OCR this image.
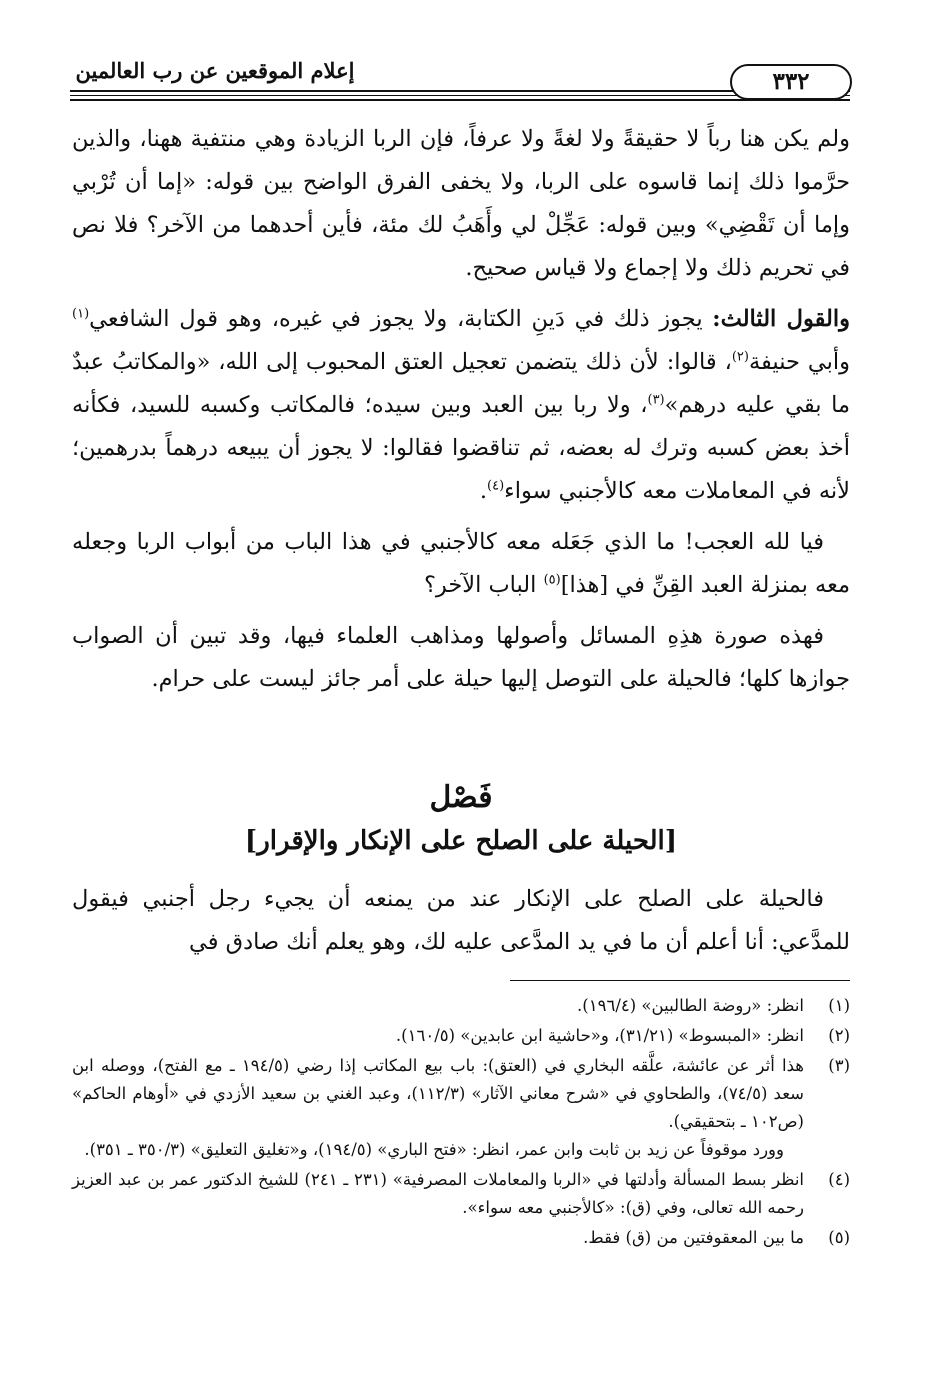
إعلام الموقعين عن رب العالمين	٣٣٢

ولم يكن هنا رباً لا حقيقةً ولا لغةً ولا عرفاً، فإن الربا الزيادة وهي منتفية ههنا، والذين حرَّموا ذلك إنما قاسوه على الربا، ولا يخفى الفرق الواضح بين قوله: «إما أن تُرْبي وإما أن تَقْضِي» وبين قوله: عَجِّلْ لي وأَهَبُ لك مئة، فأين أحدهما من الآخر؟ فلا نص في تحريم ذلك ولا إجماع ولا قياس صحيح.

والقول الثالث: يجوز ذلك في دَينِ الكتابة، ولا يجوز في غيره، وهو قول الشافعي$^{(١)}$ وأبي حنيفة$^{(٢)}$، قالوا: لأن ذلك يتضمن تعجيل العتق المحبوب إلى الله، «والمكاتبُ عبدٌ ما بقي عليه درهم»$^{(٣)}$، ولا ربا بين العبد وبين سيده؛ فالمكاتب وكسبه للسيد، فكأنه أخذ بعض كسبه وترك له بعضه، ثم تناقضوا فقالوا: لا يجوز أن يبيعه درهماً بدرهمين؛ لأنه في المعاملات معه كالأجنبي سواء$^{(٤)}$.

فيا لله العجب! ما الذي جَعَله معه كالأجنبي في هذا الباب من أبواب الربا وجعله معه بمنزلة العبد القِنِّ في [هذا]$^{(٥)}$ الباب الآخر؟

فهذه صورة هذِهِ المسائل وأصولها ومذاهب العلماء فيها، وقد تبين أن الصواب جوازها كلها؛ فالحيلة على التوصل إليها حيلة على أمر جائز ليست على حرام.

فَصْل
[الحيلة على الصلح على الإنكار والإقرار]
فالحيلة على الصلح على الإنكار عند من يمنعه أن يجيء رجل أجنبي فيقول للمدَّعي: أنا أعلم أن ما في يد المدَّعى عليه لك، وهو يعلم أنك صادق في
(١)
انظر: «روضة الطالبين» (١٩٦/٤).
(٢)
انظر: «المبسوط» (٣١/٢١)، و«حاشية ابن عابدين» (١٦٠/٥).
(٣)
هذا أثر عن عائشة، علَّقه البخاري في (العتق): باب بيع المكاتب إذا رضي (١٩٤/٥ ـ مع الفتح)، ووصله ابن سعد (٧٤/٥)، والطحاوي في «شرح معاني الآثار» (١١٢/٣)، وعبد الغني بن سعيد الأزدي في «أوهام الحاكم» (ص١٠٢ ـ بتحقيقي).
وورد موقوفاً عن زيد بن ثابت وابن عمر، انظر: «فتح الباري» (١٩٤/٥)، و«تغليق التعليق» (٣٥٠/٣ ـ ٣٥١).
(٤)
انظر بسط المسألة وأدلتها في «الربا والمعاملات المصرفية» (٢٣١ ـ ٢٤١) للشيخ الدكتور عمر بن عبد العزيز رحمه الله تعالى، وفي (ق): «كالأجنبي معه سواء».
(٥)
ما بين المعقوفتين من (ق) فقط.
